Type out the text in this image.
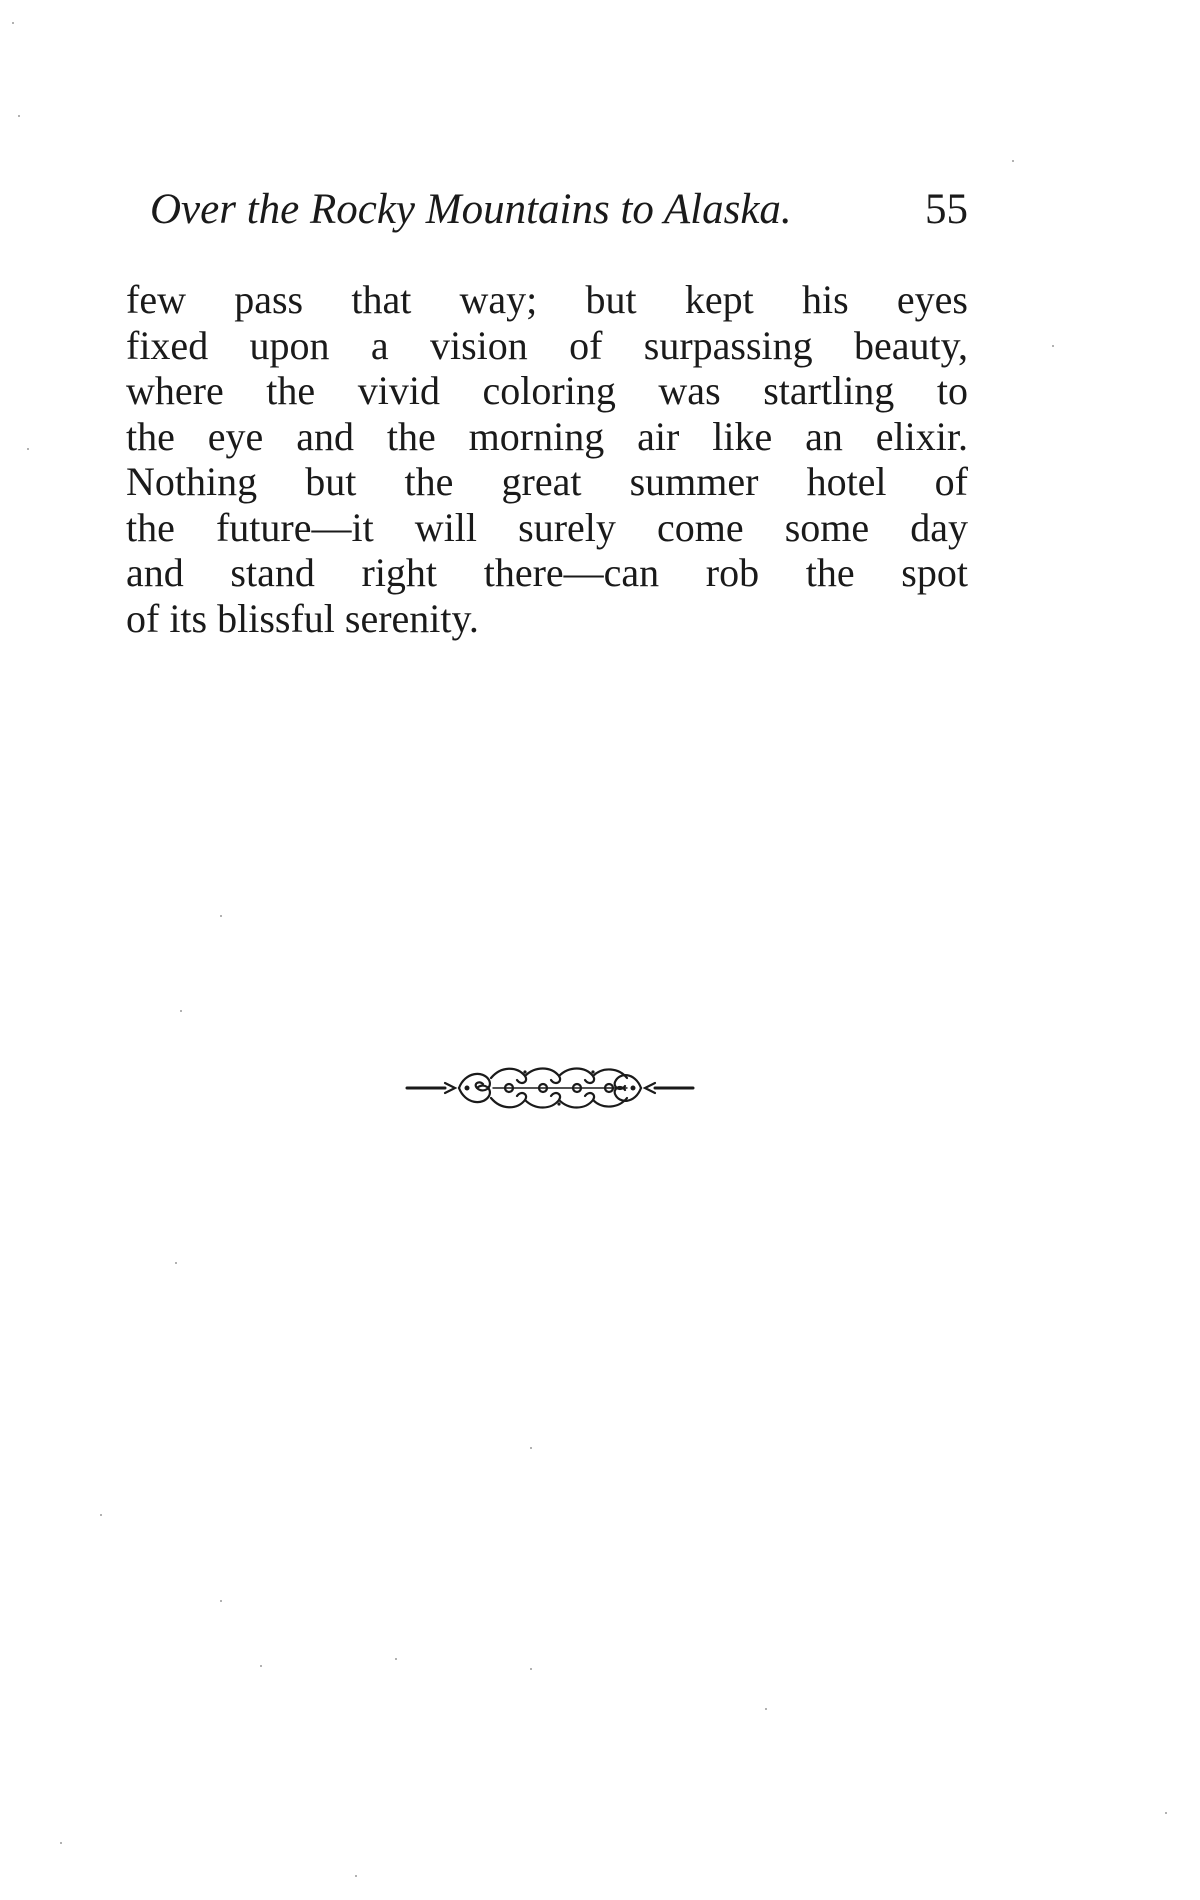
Over the Rocky Mountains to Alaska.	55
few pass that way; but kept his eyes
fixed upon a vision of surpassing beauty,
where the vivid coloring was startling to
the eye and the morning air like an elixir.
Nothing but the great summer hotel of
the future—it will surely come some day
and stand right there—can rob the spot
of its blissful serenity.
